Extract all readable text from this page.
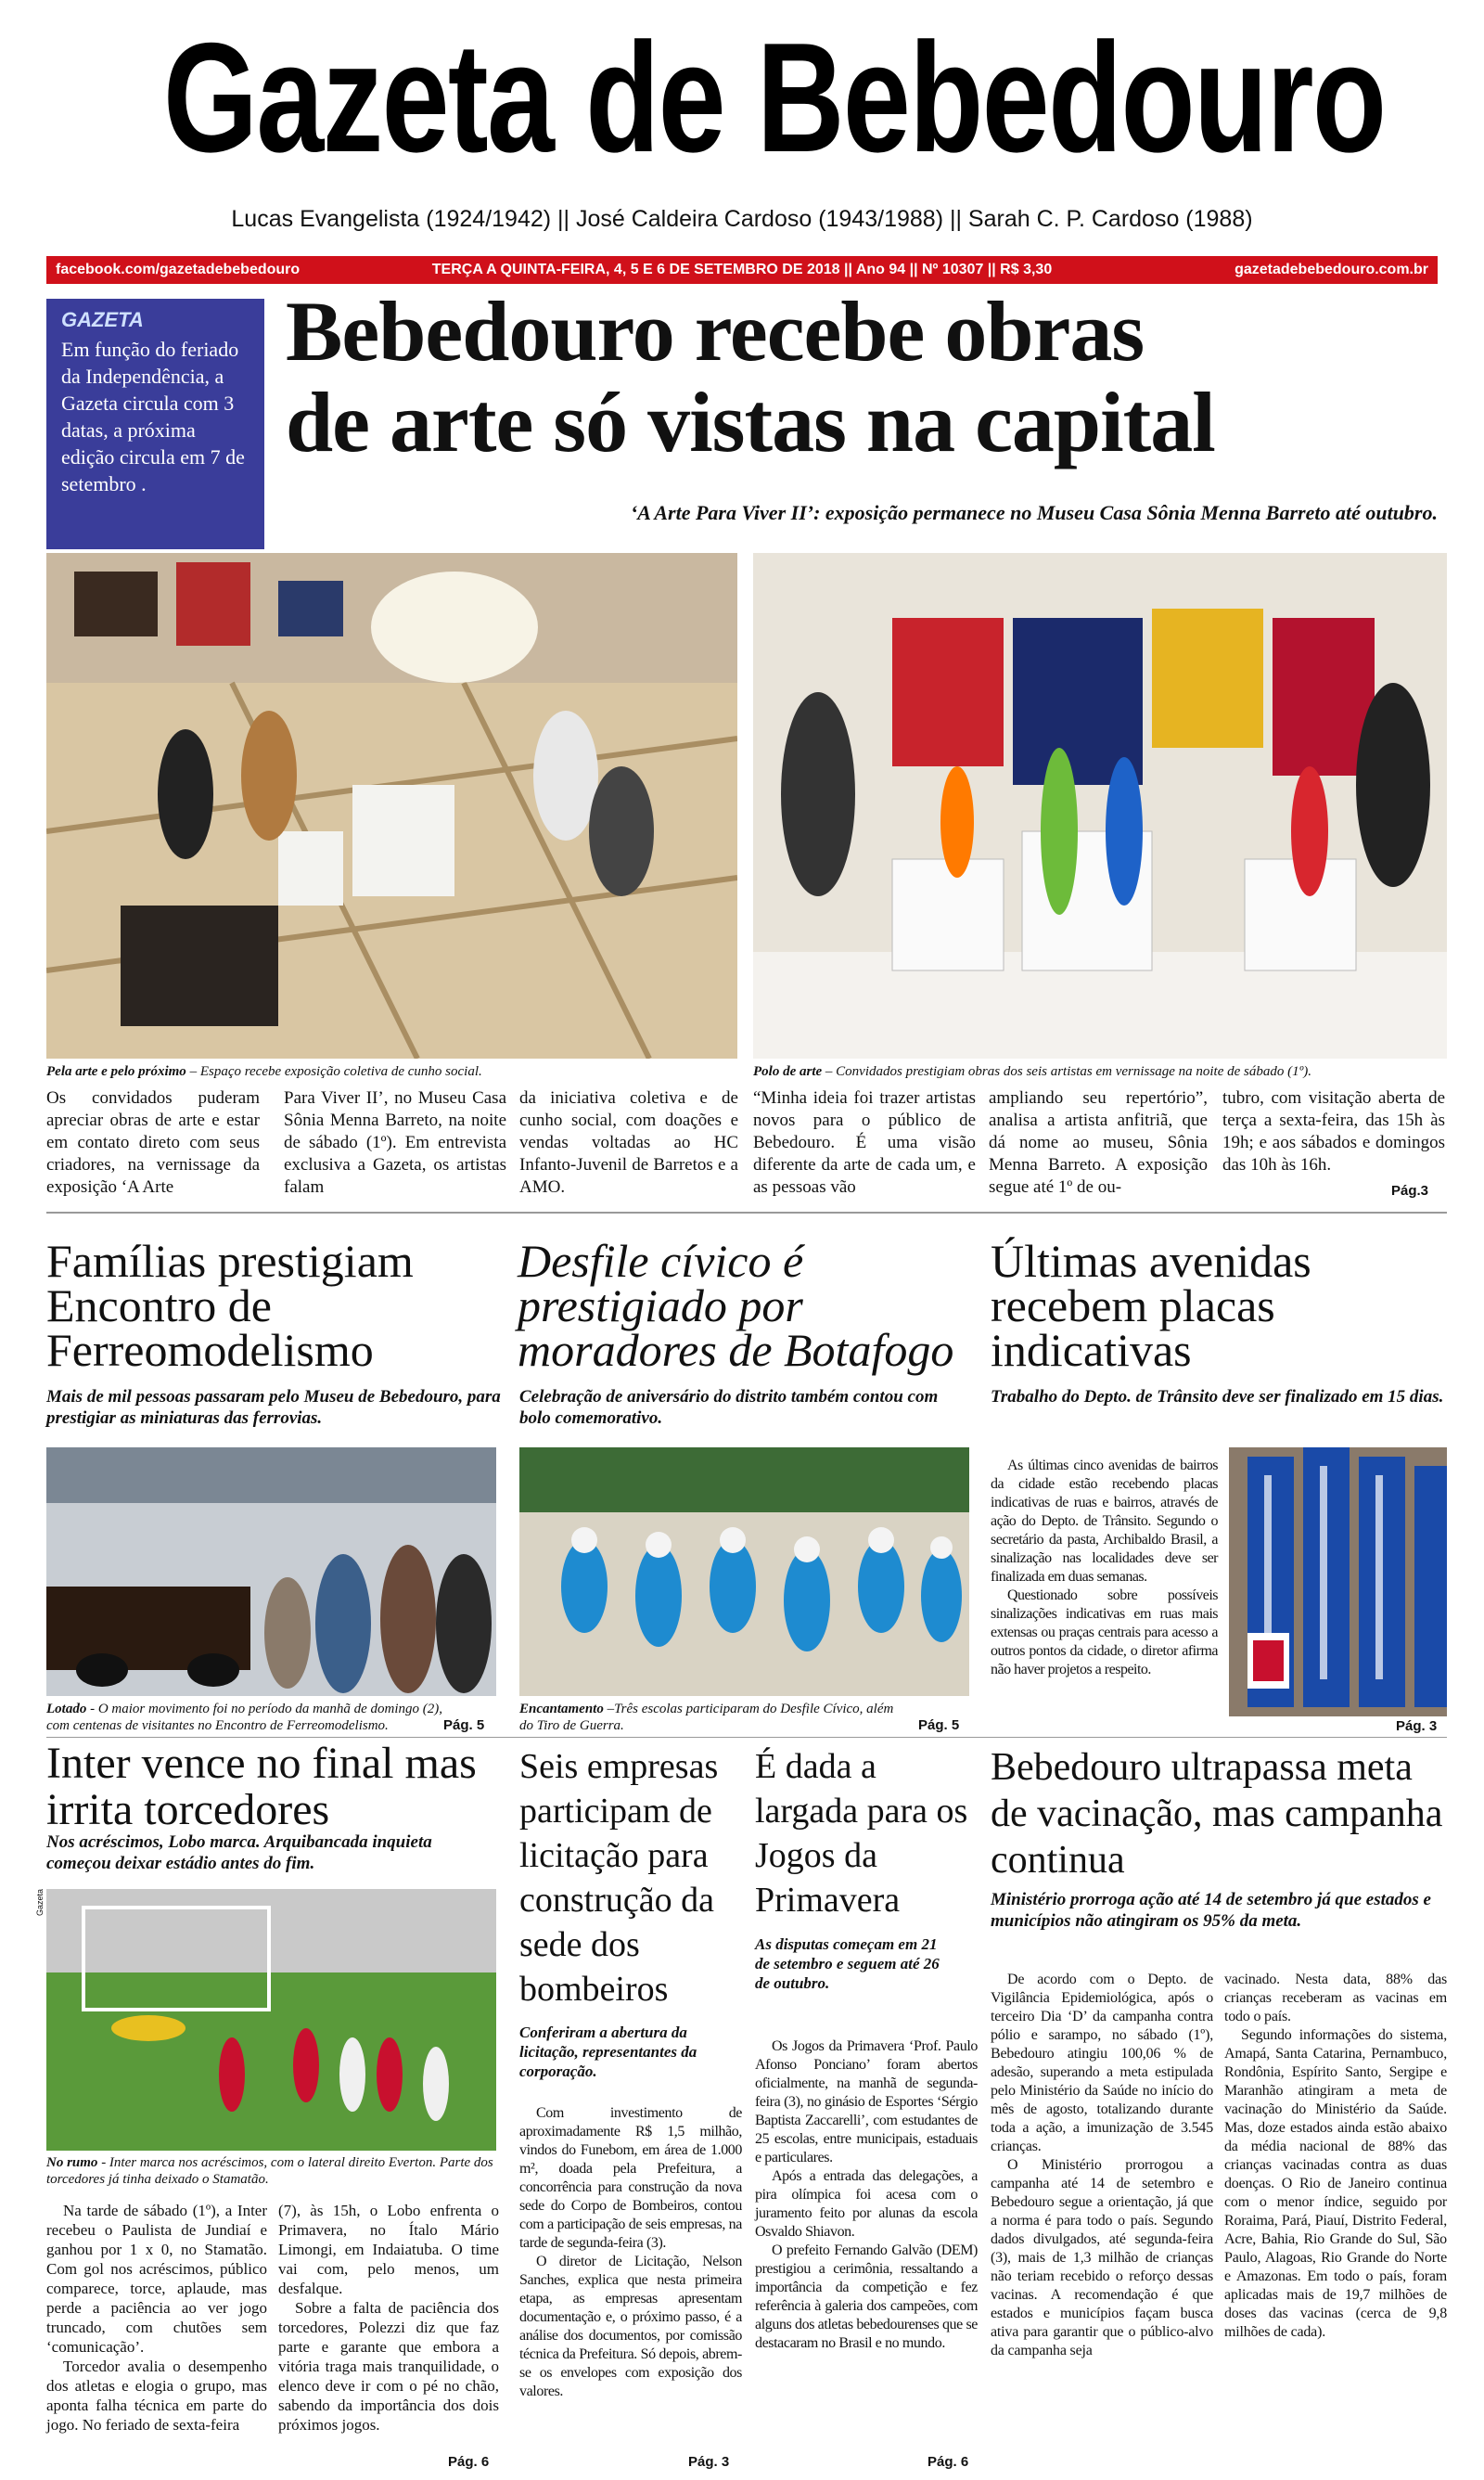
Gazeta de Bebedouro
Lucas Evangelista (1924/1942) || José Caldeira Cardoso (1943/1988) || Sarah C. P. Cardoso (1988)
facebook.com/gazetadebebedouro	TERÇA A QUINTA-FEIRA, 4, 5 E 6 DE SETEMBRO DE 2018 || Ano 94 || Nº 10307 || R$ 3,30	gazetadebebedouro.com.br
GAZETA
Em função do feriado da Independência, a Gazeta circula com 3 datas, a próxima edição circula em 7 de setembro .
Bebedouro recebe obras
de arte só vistas na capital
‘A Arte Para Viver II’: exposição permanece no Museu Casa Sônia Menna Barreto até outubro.
Pela arte e pelo próximo – Espaço recebe exposição coletiva de cunho social.	Polo de arte – Convidados prestigiam obras dos seis artistas em vernissage na noite de sábado (1º).
Os convidados puderam apreciar obras de arte e estar em contato direto com seus criadores, na vernissage da exposição ‘A Arte
Para Viver II’, no Museu Casa Sônia Menna Barreto, na noite de sábado (1º). Em entrevista exclusiva a Gazeta, os artistas falam
da iniciativa coletiva e de cunho social, com doações e vendas voltadas ao HC Infanto-Juvenil de Barretos e a AMO.
“Minha ideia foi trazer artistas novos para o público de Bebedouro. É uma visão diferente da arte de cada um, e as pessoas vão
ampliando seu repertório”, analisa a artista anfitriã, que dá nome ao museu, Sônia Menna Barreto. A exposição segue até 1º de ou-
tubro, com visitação aberta de terça a sexta-feira, das 15h às 19h; e aos sábados e domingos das 10h às 16h.
Pág.3
Famílias prestigiam Encontro de Ferreomodelismo
Mais de mil pessoas passaram pelo Museu de Bebedouro, para prestigiar as miniaturas das ferrovias.
Lotado - O maior movimento foi no período da manhã de domingo (2), com centenas de visitantes no Encontro de Ferreomodelismo.	Pág. 5
Desfile cívico é prestigiado por moradores de Botafogo
Celebração de aniversário do distrito também contou com bolo comemorativo.
Encantamento –Três escolas participaram do Desfile Cívico, além do Tiro de Guerra.	Pág. 5
Últimas avenidas recebem placas indicativas
Trabalho do Depto. de Trânsito deve ser finalizado em 15 dias.

As últimas cinco avenidas de bairros da cidade estão recebendo placas indicativas de ruas e bairros, através de ação do Depto. de Trânsito. Segundo o secretário da pasta, Archibaldo Brasil, a sinalização nas localidades deve ser finalizada em duas semanas.

Questionado sobre possíveis sinalizações indicativas em ruas mais extensas ou praças centrais para acesso a outros pontos da cidade, o diretor afirma não haver projetos a respeito.

Pág. 3
Inter vence no final mas irrita torcedores
Nos acréscimos, Lobo marca. Arquibancada inquieta começou deixar estádio antes do fim.
Gazeta
No rumo - Inter marca nos acréscimos, com o lateral direito Everton. Parte dos torcedores já tinha deixado o Stamatão.

Na tarde de sábado (1º), a Inter recebeu o Paulista de Jundiaí e ganhou por 1 x 0, no Stamatão. Com gol nos acréscimos, público comparece, torce, aplaude, mas perde a paciência ao ver jogo truncado, com chutões sem ‘comunicação’.

Torcedor avalia o desempenho dos atletas e elogia o grupo, mas aponta falha técnica em parte do jogo. No feriado de sexta-feira

(7), às 15h, o Lobo enfrenta o Primavera, no Ítalo Mário Limongi, em Indaiatuba. O time vai com, pelo menos, um desfalque.

Sobre a falta de paciência dos torcedores, Polezzi diz que faz parte e garante que embora a vitória traga mais tranquilidade, o elenco deve ir com o pé no chão, sabendo da importância dos dois próximos jogos.

Pág. 6
Seis empresas participam de licitação para construção da sede dos bombeiros
Conferiram a abertura da licitação, representantes da corporação.

Com investimento de aproximadamente R$ 1,5 milhão, vindos do Funebom, em área de 1.000 m², doada pela Prefeitura, a concorrência para construção da nova sede do Corpo de Bombeiros, contou com a participação de seis empresas, na tarde de segunda-feira (3).

O diretor de Licitação, Nelson Sanches, explica que nesta primeira etapa, as empresas apresentam documentação e, o próximo passo, é a análise dos documentos, por comissão técnica da Prefeitura. Só depois, abrem-se os envelopes com exposição dos valores.

Pág. 3
É dada a largada para os Jogos da Primavera
As disputas começam em 21 de setembro e seguem até 26 de outubro.

Os Jogos da Primavera ‘Prof. Paulo Afonso Ponciano’ foram abertos oficialmente, na manhã de segunda-feira (3), no ginásio de Esportes ‘Sérgio Baptista Zaccarelli’, com estudantes de 25 escolas, entre municipais, estaduais e particulares.

Após a entrada das delegações, a pira olímpica foi acesa com o juramento feito por alunas da escola Osvaldo Shiavon.

O prefeito Fernando Galvão (DEM) prestigiou a cerimônia, ressaltando a importância da competição e fez referência à galeria dos campeões, com alguns dos atletas bebedourenses que se destacaram no Brasil e no mundo.

Pág. 6
Bebedouro ultrapassa meta de vacinação, mas campanha continua
Ministério prorroga ação até 14 de setembro já que estados e municípios não atingiram os 95% da meta.

De acordo com o Depto. de Vigilância Epidemiológica, após o terceiro Dia ‘D’ da campanha contra pólio e sarampo, no sábado (1º), Bebedouro atingiu 100,06 % de adesão, superando a meta estipulada pelo Ministério da Saúde no início do mês de agosto, totalizando durante toda a ação, a imunização de 3.545 crianças.

O Ministério prorrogou a campanha até 14 de setembro e Bebedouro segue a orientação, já que a norma é para todo o país. Segundo dados divulgados, até segunda-feira (3), mais de 1,3 milhão de crianças não teriam recebido o reforço dessas vacinas. A recomendação é que estados e municípios façam busca ativa para garantir que o público-alvo da campanha seja

vacinado. Nesta data, 88% das crianças receberam as vacinas em todo o país.

Segundo informações do sistema, Amapá, Santa Catarina, Pernambuco, Rondônia, Espírito Santo, Sergipe e Maranhão atingiram a meta de vacinação do Ministério da Saúde. Mas, doze estados ainda estão abaixo da média nacional de 88% das crianças vacinadas contra as duas doenças. O Rio de Janeiro continua com o menor índice, seguido por Roraima, Pará, Piauí, Distrito Federal, Acre, Bahia, Rio Grande do Sul, São Paulo, Alagoas, Rio Grande do Norte e Amazonas. Em todo o país, foram aplicadas mais de 19,7 milhões de doses das vacinas (cerca de 9,8 milhões de cada).
